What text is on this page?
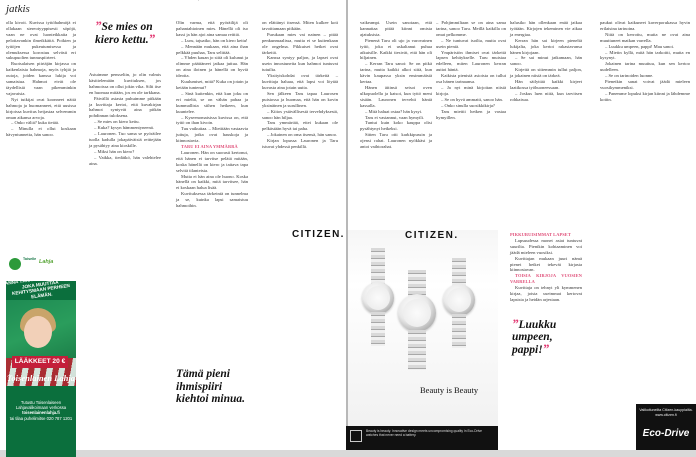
jatkis

olla kivoit. Kuvissa tyttöhahmöjä ei ollakaan stereotyyppisesti söpöjä, vaan ne ovat luonteikkaita ja pelottavankin ilmeikkäitä. Poikien ja tyttöjen pukeutumisessa ja olemuksessa korostuu selvästi eri sukupuolten tunnuspiirteet.

Ruotsalaisen piirtäjän kirjassa on kaikenlaisia hahmoja, myös tyhjiä ja outoja, joiden kanssa lukija voi samaistua. Hahmot eivät ole täydellisiä vaan pikemminkin vajavaisia.

Nyt tutkijat ovat koonneet näitä hahmoja ja huomanneet, että uusissa kirjoissa kuvitus heijastaa selvemmin oman aikansa arvoja.

– Onko väliä? kuka tietää.

– Minulla ei ollut koskaan hävyntunnetta, hän sanoo.

”Se mies on kiero kettu.”

Astuimme pensseliin, jo olin valmis käsittelemään kuvituksen, jos hahmoissa on ollut jokin vika. Silti itse en huomaa mitään, jos en ole tarkkana.

Päivällä asiasta puhuimme pitkään ja kuvittaja kertoi, että kuvakirjan hahmot syntyvät aina pitkän pohdinnan tuloksena.

– Se mies on kiero kettu.

– Kuka? kysyn hämmentyneenä.

– Lauronen. Tuo sama se pyöräilee tuolla kadulla jokapäiväisiä reittejään ja pysähtyy aina kioskille.

– Miksi hän on kiero?

– Vaikka, tiedätkö, hän valehtelee aina.

Olin varma, että pyöräilijä oli pahantahtoinen mies. Hänellä oli iso kassi ja hän ajoi aina samaa reittiä.

– Luru, tajuatko, hän on kiero kettu!

– Mennään mukaan, että aina ihan pelkkää puuhaa, Taru selittää.

– Yhden kauan jo siitä oli kulunut ja olimme päättäneet jatkaa juttua. Hän on aina iloinen ja hänellä on hyviä ideoita.

Kuulumiset, mitä? Kuka on jotain ja ketään tuntenut?

– Sinä kuitenkin, että kun joku on eri mieltä, se on vähän pahaa ja kummallista siihen hetkeen, kun kuuntelee.

– Kyseenomaisissa kuvissa on, että tyttö on ihan kivoin.

Tuu vaikuttaa. – Mietitään vastaavia juttuja, jotka ovat hauskoja ja kiinnostavia.

TARU EI AINA YMMÄRRÄ

Lauronen. Hän on suorasti kertonut, että hänen ei tarvitse pelätä mitään, koska hänellä on kiero ja taitava tapa selvitä tilanteista.

Mutta ei hän aina ole huono. Koska hänellä on kaikki, mitä tarvitsee, hän ei koskaan halua lisää.

Kuvituksessa tärkeintä on tunnelma ja se, kuinka lapsi samaistuu hahmoihin.

Tämä pieni ihmispiiri kiehtoi minua.

on elättänyt itsensä. Miten kulkee koti tavoittamaan pitkään.

Purukaan mies vai nainen – pitää penkunmaalissa, mutta ei se kuitenkaan ole ongelma. Pikkuiset hetket ovat tärkeitä.

Kanssa syntyy paljon, ja lapset ovat usein innostuneita kun hahmot tuntuvat tutuilta.

Yksityiskohdat ovat tärkeitä – kuvittaja haluaa, että lapsi voi löytää kuvasta aina jotain uutta.

Sen jälkeen Taru tapaa Laurosen puistossa ja huomaa, että hän on kovin yksinäinen ja surullinen.

– Kiitos ystävällisestä tervehdyksestä, sanoo hän hiljaa.

Taru ymmärtää, ettei kukaan ole pelkästään hyvä tai paha.

– Jokainen on oma itsensä, hän sanoo.

Kirjan lopussa Lauronen ja Taru istuvat yhdessä penkillä.

Toiselle Lahja
ANNA TÄNÄ JOULUNA LAHJA, JOKA MUUTTAA KEHITYSMAAN PERHEEN ELÄMÄN.
LÄÄKKEET 20 €
Toisenlainen Lahja
Tutustu Toisenlaiseen Lahjavalikoimaan verkossa
toisenlainenlahja.fi
tai tilaa puhelimitse 020 787 1201
CITIZEN.	CITIZEN.
Beauty is Beauty
Beauty is beauty. Innovative design meets uncompromising quality in Eco-Drive watches that never need a battery.

vaikeampi. Usein sanotaan, että kannattaa pitää kiinni omista ajatuksista.

Pienenä Taru oli ujo ja varovainen tyttö, joka ei uskaltanut puhua aikuisille. Kaikki tiesivät, että hän oli hiljainen.

– Kerran Taru sanoi: Se on pitkä tarina, mutta kaikki alkoi siitä, kun kävin kaupassa yksin ensimmäistä kertaa.

Hänen äitinsä seisoi oven ulkopuolella ja katsoi, kun tyttö meni sisään. Lauronen tervehti häntä kassalla.

– Mitä haluat ostaa? hän kysyi.

Taru ei vastannut, vaan hymyili.

Tuntui kuin koko kauppa olisi pysähtynyt hetkeksi.

Sitten Taru otti karkkipussin ja ojensi rahat. Lauronen nyökkäsi ja antoi vaihtorahat.

– Pohjimmiltaan se on aina sama tarina, sanoo Taru. Meillä kaikilla on omat pelkomme.

– Ne tuntuvat isoilta, mutta ovat usein pieniä.

Ympäristön ihmiset ovat tärkeitä lapsen kehitykselle. Taru muistaa edelleen, miten Lauronen kerran auttoi häntä.

Kaikista pienistä asioista on tullut osa hänen tarinaansa.

– Ja nyt minä kirjoitan niistä kirjoja.

– Se on hyvä ammatti, sanoo hän.

– Onko sinulla suosikkikirja?

Taru miettii hetken ja vastaa hymyillen.

halusiko hän ollenkaan enää jatkaa työtään. Kirjojen tekeminen vie aikaa ja energiaa.

Kerran hän sai kirjeen pieneltä lukijalta, joka kertoi rakastavansa hänen kirjojaan.

– Se sai minut jatkamaan, hän sanoo.

Kirjeitä on sittemmin tullut paljon, ja jokainen niistä on tärkeä.

Hän säilyttää kaikki kirjeet laatikossa työhuoneessaan.

– Joskus luen niitä, kun tarvitsen rohkaisua.

PIKKURUISIMMAT LAPSET

Lapsuudessa monet asiat tuntuvat suurilta. Pienikin kohtaaminen voi jäädä mieleen vuosiksi.

Kuvittajan mukaan juuri nämä pienet hetket tekevät kirjasta kiinnostavan.

TOISIA KIRJOJA VUOSIEN VARRELLA

Kuvittaja on tehnyt yli kymmenen kirjaa, joista useimmat kertovat lapsista ja heidän arjestaan.

”Luukku umpeen, pappi!”

paukut olivat kaikuneet kaverporukassa hyvin erilaisina tarinoina.

Niitä on kerrottu, mutta ne ovat aina muuttuneet matkan varrella.

– Luukku umpeen, pappi! Mau sanoi.

– Mietin kyllä, mitä hän tarkoitti, mutta en kysynyt.

Jokainen tarina muuttuu, kun sen kertoo uudelleen.

– Se on tarinoiden luonne.

Pienetkin sanat voivat jäädä mieleen vuosikymmeniksi.

– Panemme lopuksi kirjan kiinni ja lähdemme kotiin.

Valikoituneilta Citizen-kauppiailta. www.citizen.fi
Eco-Drive
